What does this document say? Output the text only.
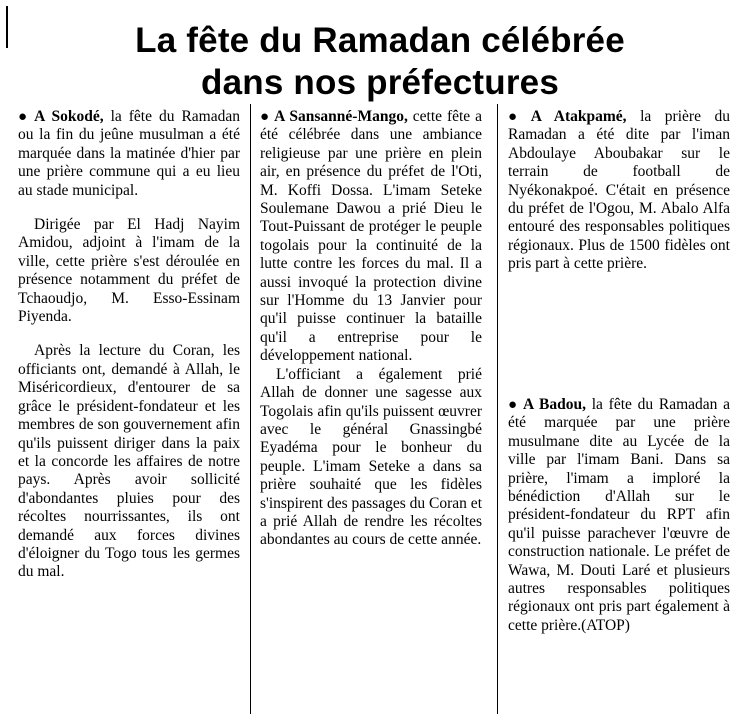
La fête du Ramadan célébrée
dans nos préfectures

● A Sokodé, la fête du Ramadan ou la fin du jeûne musulman a été marquée dans la matinée d'hier par une prière commune qui a eu lieu au stade municipal.

Dirigée par El Hadj Nayim Amidou, adjoint à l'imam de la ville, cette prière s'est déroulée en présence notamment du préfet de Tchaoudjo, M. Esso-Essinam Piyenda.

Après la lecture du Coran, les officiants ont, demandé à Allah, le Miséricordieux, d'entourer de sa grâce le président-fondateur et les membres de son gouvernement afin qu'ils puissent diriger dans la paix et la concorde les affaires de notre pays. Après avoir sollicité d'abondantes pluies pour des récoltes nourrissantes, ils ont demandé aux forces divines d'éloigner du Togo tous les germes du mal.

● A Sansanné-Mango, cette fête a été célébrée dans une ambiance religieuse par une prière en plein air, en présence du préfet de l'Oti, M. Koffi Dossa. L'imam Seteke Soulemane Dawou a prié Dieu le Tout-Puissant de protéger le peuple togolais pour la continuité de la lutte contre les forces du mal. Il a aussi invoqué la protection divine sur l'Homme du 13 Janvier pour qu'il puisse continuer la bataille qu'il a entreprise pour le développement national.

L'officiant a également prié Allah de donner une sagesse aux Togolais afin qu'ils puissent œuvrer avec le général Gnassingbé Eyadéma pour le bonheur du peuple. L'imam Seteke a dans sa prière souhaité que les fidèles s'inspirent des passages du Coran et a prié Allah de rendre les récoltes abondantes au cours de cette année.

● A Atakpamé, la prière du Ramadan a été dite par l'iman Abdoulaye Aboubakar sur le terrain de football de Nyékonakpoé. C'était en présence du préfet de l'Ogou, M. Abalo Alfa entouré des responsables politiques régionaux. Plus de 1500 fidèles ont pris part à cette prière.

● A Badou, la fête du Ramadan a été marquée par une prière musulmane dite au Lycée de la ville par l'imam Bani. Dans sa prière, l'imam a imploré la bénédiction d'Allah sur le président-fondateur du RPT afin qu'il puisse parachever l'œuvre de construction nationale. Le préfet de Wawa, M. Douti Laré et plusieurs autres responsables politiques régionaux ont pris part également à cette prière.(ATOP)
